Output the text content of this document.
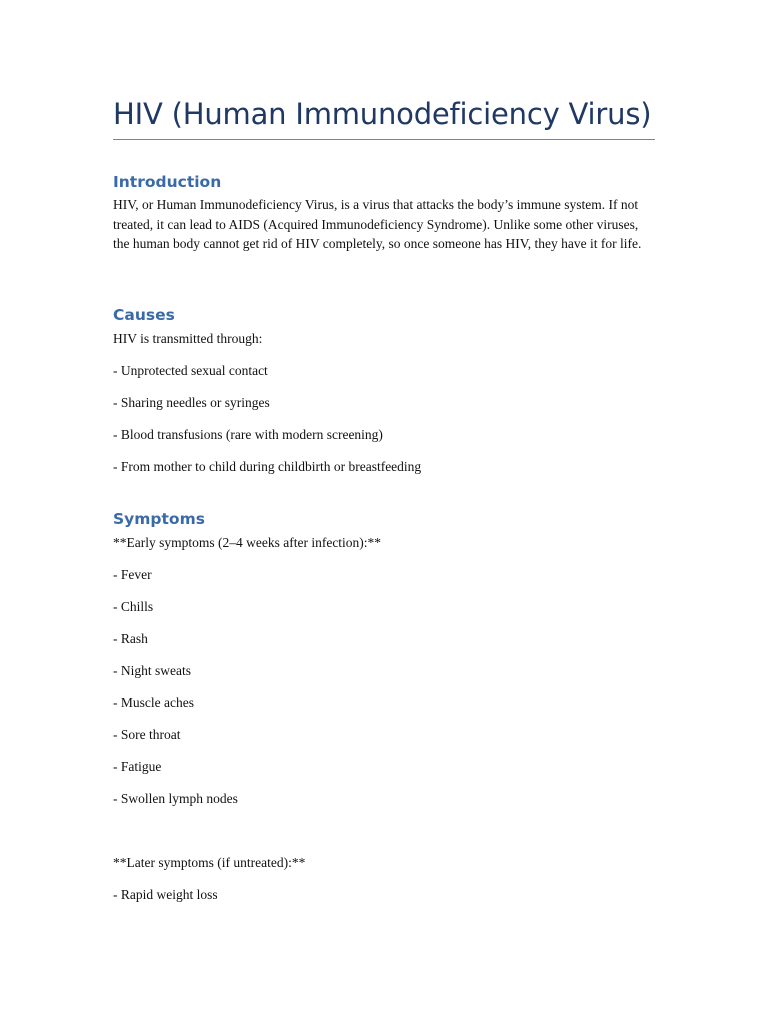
HIV (Human Immunodeficiency Virus)
Introduction
HIV, or Human Immunodeficiency Virus, is a virus that attacks the body’s immune system. If not treated, it can lead to AIDS (Acquired Immunodeficiency Syndrome). Unlike some other viruses, the human body cannot get rid of HIV completely, so once someone has HIV, they have it for life.
Causes
HIV is transmitted through:
- Unprotected sexual contact
- Sharing needles or syringes
- Blood transfusions (rare with modern screening)
- From mother to child during childbirth or breastfeeding
Symptoms
**Early symptoms (2–4 weeks after infection):**
- Fever
- Chills
- Rash
- Night sweats
- Muscle aches
- Sore throat
- Fatigue
- Swollen lymph nodes
**Later symptoms (if untreated):**
- Rapid weight loss
